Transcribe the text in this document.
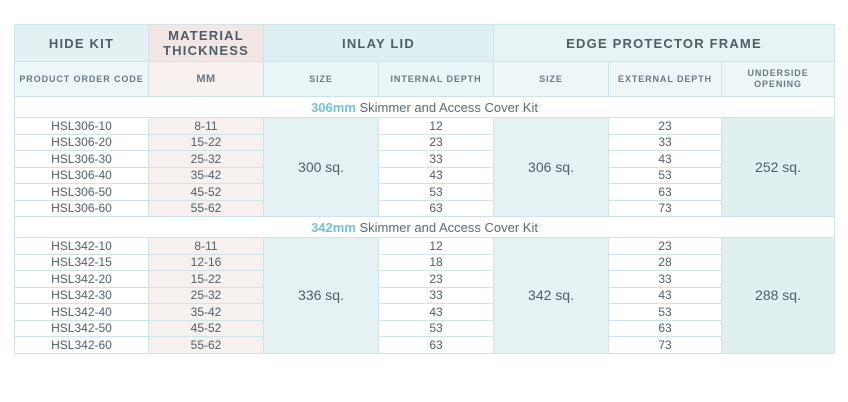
HIDE KIT	MATERIAL THICKNESS	INLAY LID		EDGE PROTECTOR FRAME		
PRODUCT ORDER CODE	MM	SIZE	INTERNAL DEPTH	SIZE	EXTERNAL DEPTH	UNDERSIDE OPENING
306mm Skimmer and Access Cover Kit						
HSL306-10	8-11	300 sq.	12	306 sq.	23	252 sq.
HSL306-20	15-22		23		33	
HSL306-30	25-32		33		43	
HSL306-40	35-42		43		53	
HSL306-50	45-52		53		63	
HSL306-60	55-62		63		73	
342mm Skimmer and Access Cover Kit						
HSL342-10	8-11	336 sq.	12	342 sq.	23	288 sq.
HSL342-15	12-16		18		28	
HSL342-20	15-22		23		33	
HSL342-30	25-32		33		43	
HSL342-40	35-42		43		53	
HSL342-50	45-52		53		63	
HSL342-60	55-62		63		73	
